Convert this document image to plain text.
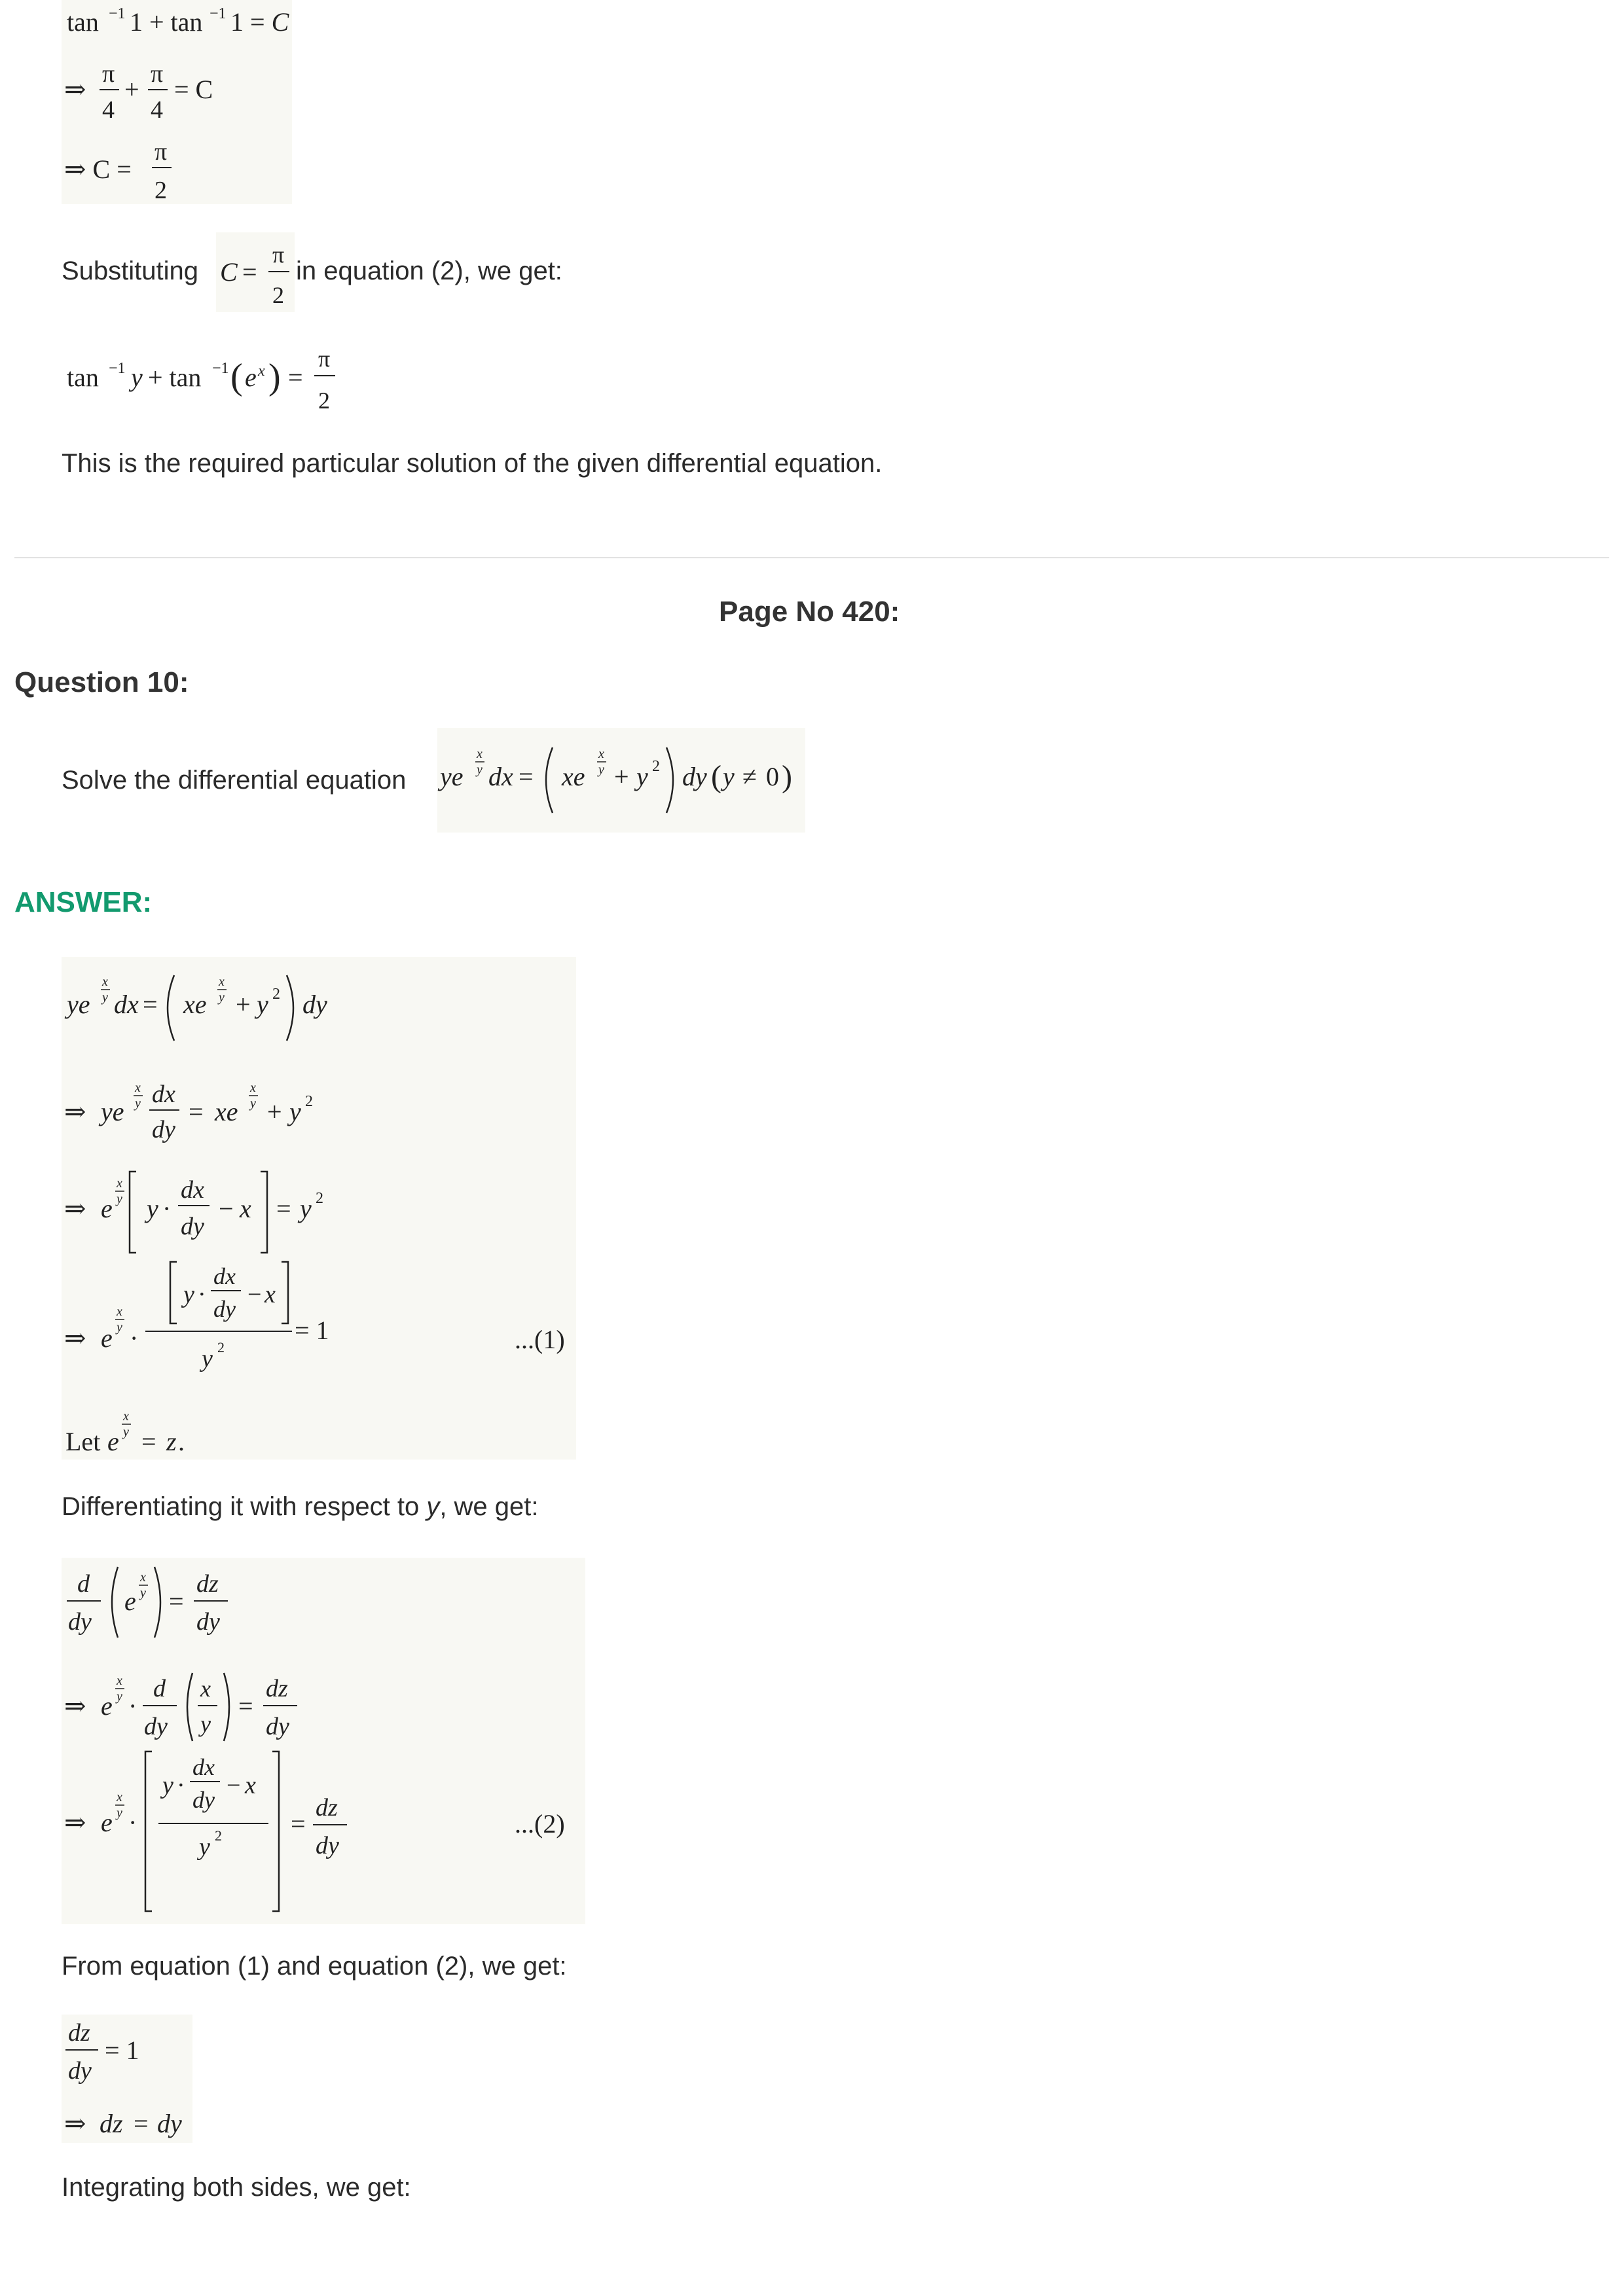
tan −1 1 + tan −1 1 = C
⇒
π
4
+
π
4
= C
⇒ C =
π
2
Substituting C =
π
2
in equation (2), we get:
tan −1 y + tan −1 ( e x ) =
π
2
This is the required particular solution of the given differential equation.
Page No 420:
Question 10:
Solve the differential equation ye
x
y dx = xe
x
y + y 2 dy ( y ≠ 0 )
ANSWER:
ye
x
y dx = xe
x
y + y 2 dy
⇒ ye
x
y dx
dy
= xe
x
y + y 2
⇒ e
x
y y ·
dx
dy
− x = y 2
⇒ e
x
y ·
y ·
dx
dy
− x
y 2
= 1	...(1)
Let e
x
y = z .
Differentiating it with respect to y, we get:
d
dy
e
x
y =
dz
dy
⇒ e
x
y ·
d
dy
x
y
=
dz
dy
⇒ e
x
y ·
y ·
dx
dy
− x
y 2	=
dz
dy
...(2)
From equation (1) and equation (2), we get:
dz
dy
= 1
⇒ dz = dy
Integrating both sides, we get:
